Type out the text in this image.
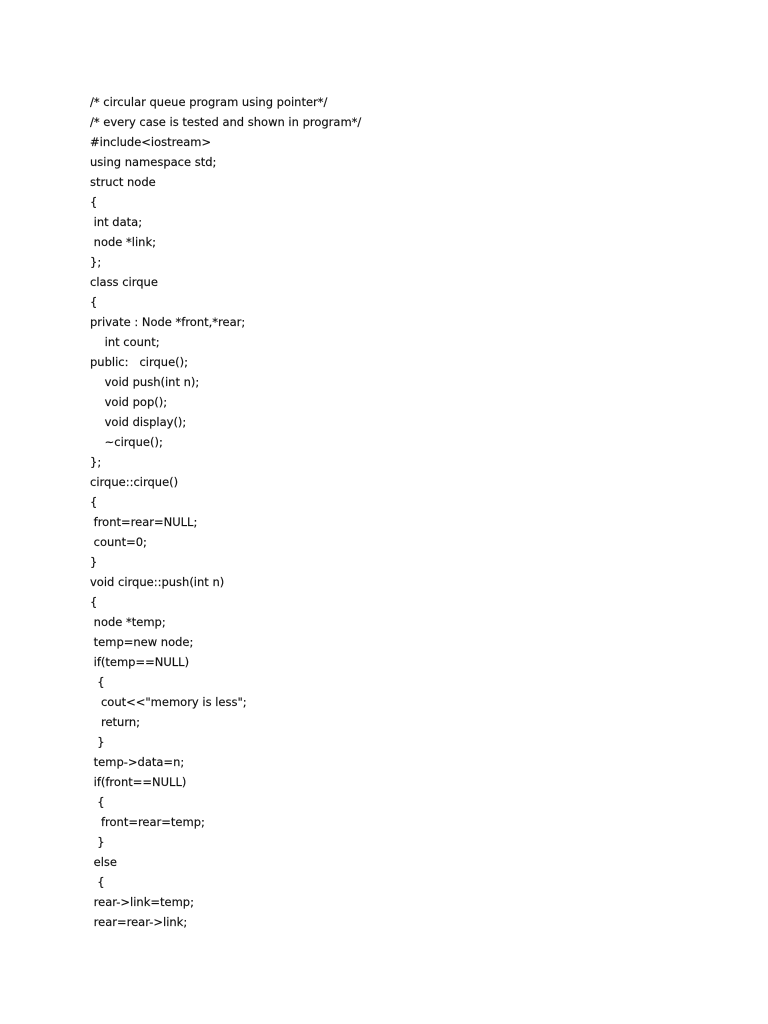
/* circular queue program using pointer*/
/* every case is tested and shown in program*/
#include<iostream>
using namespace std;
struct node
{
int data;
node *link;
};
class cirque
{
private : Node *front,*rear;
int count;
public:   cirque();
void push(int n);
void pop();
void display();
~cirque();
};
cirque::cirque()
{
front=rear=NULL;
count=0;
}
void cirque::push(int n)
{
node *temp;
temp=new node;
if(temp==NULL)
{
cout<<"memory is less";
return;
}
temp->data=n;
if(front==NULL)
{
front=rear=temp;
}
else
{
rear->link=temp;
rear=rear->link;
